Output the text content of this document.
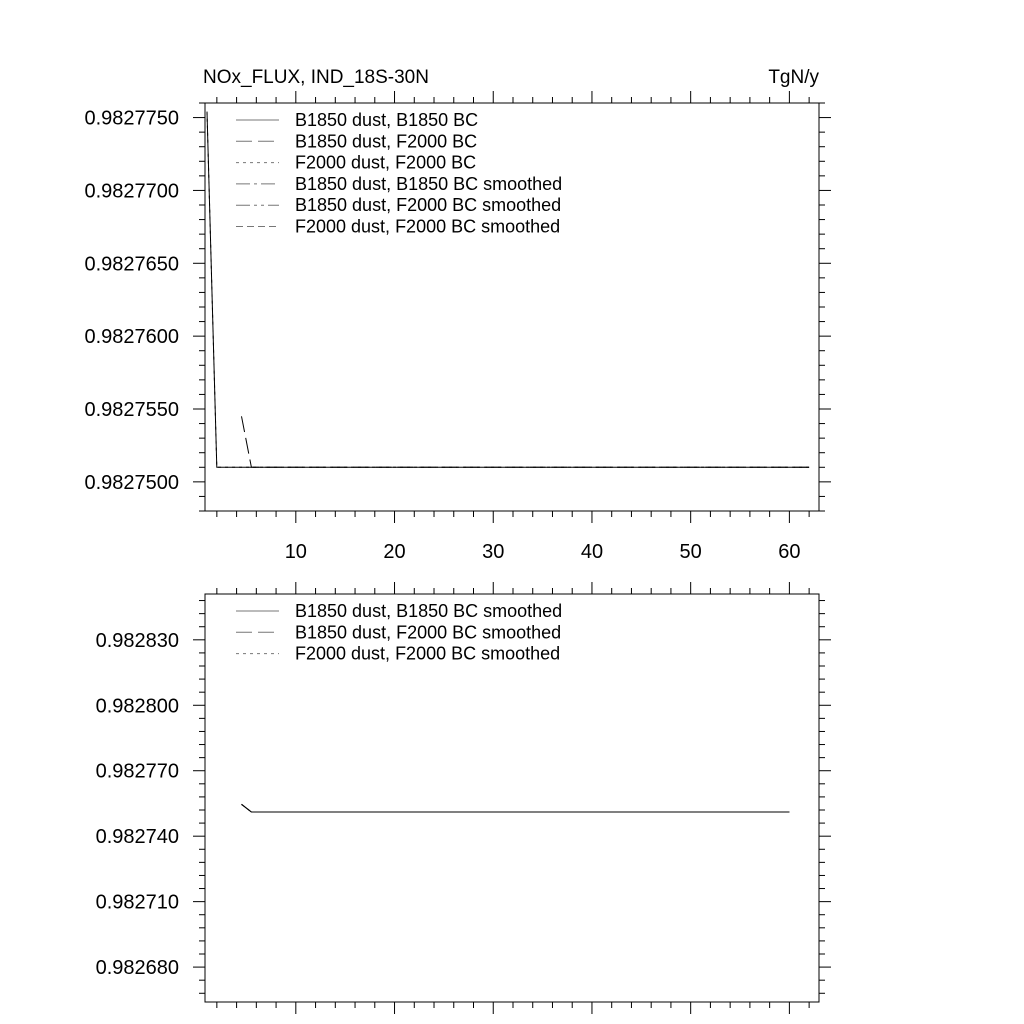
10	20	30	40	50	60
0.9827500
0.9827550
0.9827600
0.9827650
0.9827700
0.9827750
NOx_FLUX, IND_18S-30N	TgN/y
B1850 dust, B1850 BC
B1850 dust, F2000 BC
F2000 dust, F2000 BC
B1850 dust, B1850 BC smoothed
B1850 dust, F2000 BC smoothed
F2000 dust, F2000 BC smoothed
0.982680
0.982710
0.982740
0.982770
0.982800
0.982830
B1850 dust, B1850 BC smoothed
B1850 dust, F2000 BC smoothed
F2000 dust, F2000 BC smoothed
